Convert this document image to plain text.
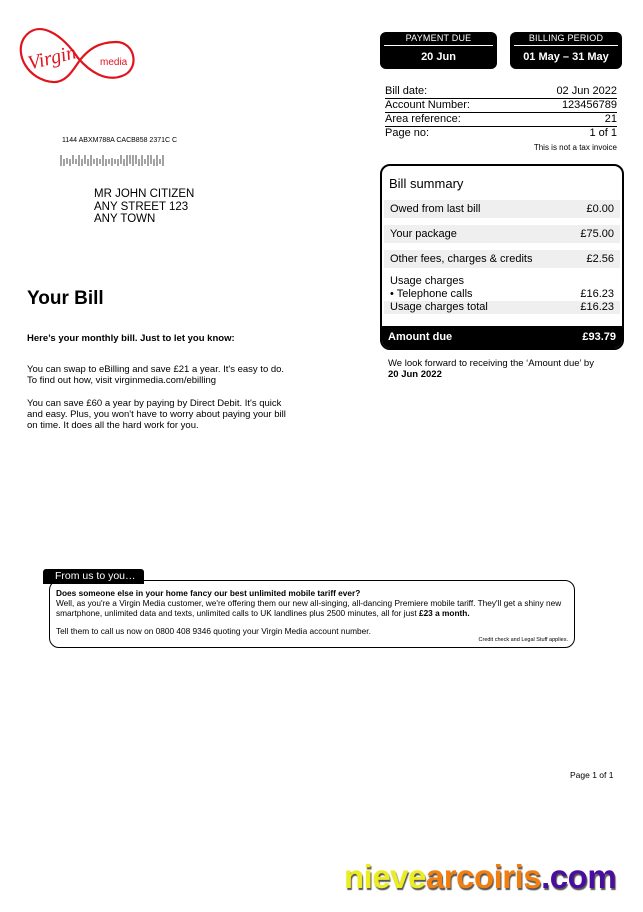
Virgin media
PAYMENT DUE
20 Jun
BILLING PERIOD
01 May – 31 May
Bill date:	02 Jun 2022
Account Number:	123456789
Area reference:	21
Page no:	1 of 1
This is not a tax invoice
1144 ABXM788A CACB858 2371C C
MR JOHN CITIZEN
ANY STREET 123
ANY TOWN
Your Bill
Here’s your monthly bill. Just to let you know:
You can swap to eBilling and save £21 a year. It's easy to do. To find out how, visit virginmedia.com/ebilling
You can save £60 a year by paying by Direct Debit. It's quick and easy. Plus, you won't have to worry about paying your bill on time. It does all the hard work for you.
Bill summary
Owed from last bill	£0.00
Your package	£75.00
Other fees, charges & credits	£2.56
Usage charges
• Telephone calls	£16.23
Usage charges total	£16.23
Amount due	£93.79
We look forward to receiving the ‘Amount due’ by
20 Jun 2022
From us to you…
Does someone else in your home fancy our best unlimited mobile tariff ever?
Well, as you're a Virgin Media customer, we're offering them our new all-singing, all-dancing Premiere mobile tariff. They'll get a shiny new smartphone, unlimited data and texts, unlimited calls to UK landlines plus 2500 minutes, all for just £23 a month.
Tell them to call us now on 0800 408 9346 quoting your Virgin Media account number.
Credit check and Legal Stuff applies.
Page 1 of 1
nievearcoiris.com
